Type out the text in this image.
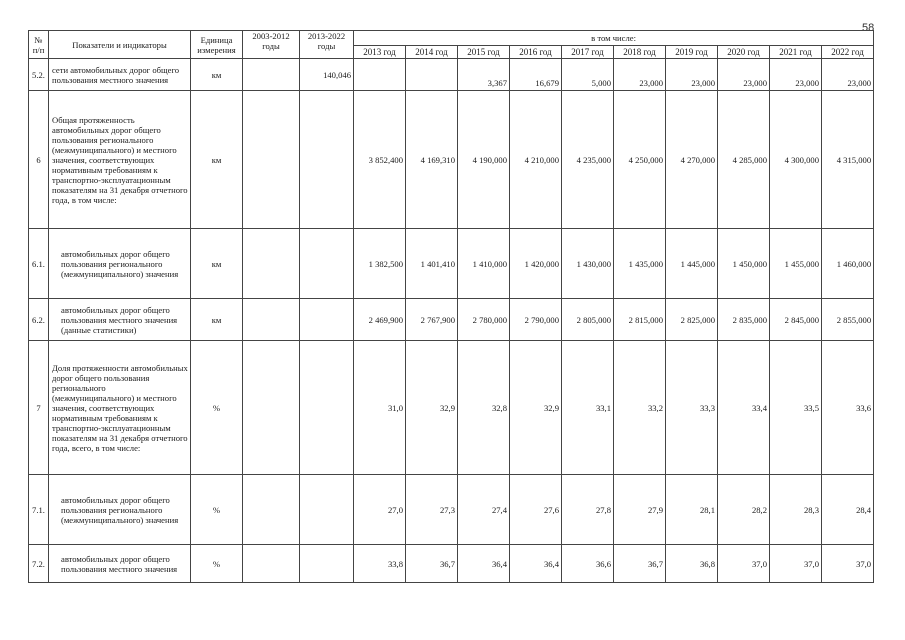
58
№ п/п	Показатели и индикаторы	Единица измерения	2003-2012 годы	2013-2022 годы	в том числе:									
					2013 год	2014 год	2015 год	2016 год	2017 год	2018 год	2019 год	2020 год	2021 год	2022 год
5.2.	сети автомобильных дорог общего пользования местного значения	км		140,046			3,367	16,679	5,000	23,000	23,000	23,000	23,000	23,000
6	Общая протяженность автомобильных дорог общего пользования регионального (межмуниципального) и местного значения, соответствующих нормативным требованиям к транспортно-эксплуатационным показателям на 31 декабря отчетного года, в том числе:	км			3 852,400	4 169,310	4 190,000	4 210,000	4 235,000	4 250,000	4 270,000	4 285,000	4 300,000	4 315,000
6.1.	автомобильных дорог общего пользования регионального (межмуниципального) значения	км			1 382,500	1 401,410	1 410,000	1 420,000	1 430,000	1 435,000	1 445,000	1 450,000	1 455,000	1 460,000
6.2.	автомобильных дорог общего пользования местного значения (данные статистики)	км			2 469,900	2 767,900	2 780,000	2 790,000	2 805,000	2 815,000	2 825,000	2 835,000	2 845,000	2 855,000
7	Доля протяженности автомобильных дорог общего пользования регионального (межмуниципального) и местного значения, соответствующих нормативным требованиям к транспортно-эксплуатационным показателям на 31 декабря отчетного года, всего, в том числе:	%			31,0	32,9	32,8	32,9	33,1	33,2	33,3	33,4	33,5	33,6
7.1.	автомобильных дорог общего пользования регионального (межмуниципального) значения	%			27,0	27,3	27,4	27,6	27,8	27,9	28,1	28,2	28,3	28,4
7.2.	автомобильных дорог общего пользования местного значения	%			33,8	36,7	36,4	36,4	36,6	36,7	36,8	37,0	37,0	37,0
